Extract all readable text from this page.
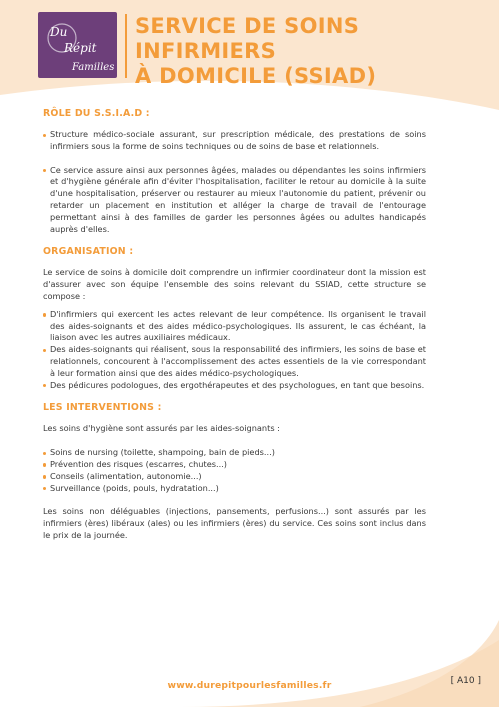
Du
Répit
Familles
SERVICE DE SOINS INFIRMIERS
À DOMICILE (SSIAD)
RÔLE DU S.S.I.A.D :
Structure médico-sociale assurant, sur prescription médicale, des prestations de soins infirmiers sous la forme de soins techniques ou de soins de base et relationnels.
Ce service assure ainsi aux personnes âgées, malades ou dépendantes les soins infirmiers et d'hygiène générale afin d'éviter l'hospitalisation, faciliter le retour au domicile à la suite d'une hospitalisation, préserver ou restaurer au mieux l'autonomie du patient, prévenir ou retarder un placement en institution et alléger la charge de travail de l'entourage permettant ainsi à des familles de garder les personnes âgées ou adultes handicapés auprès d'elles.
ORGANISATION :

Le service de soins à domicile doit comprendre un infirmier coordinateur dont la mission est d'assurer avec son équipe l'ensemble des soins relevant du SSIAD, cette structure se compose :

D'infirmiers qui exercent les actes relevant de leur compétence. Ils organisent le travail des aides-soignants et des aides médico-psychologiques. Ils assurent, le cas échéant, la liaison avec les autres auxiliaires médicaux.
Des aides-soignants qui réalisent, sous la responsabilité des infirmiers, les soins de base et relationnels, concourent à l'accomplissement des actes essentiels de la vie correspondant à leur formation ainsi que des aides médico-psychologiques.
Des pédicures podologues, des ergothérapeutes et des psychologues, en tant que besoins.
LES INTERVENTIONS :

Les soins d'hygiène sont assurés par les aides-soignants :

Soins de nursing (toilette, shampoing, bain de pieds...)
Prévention des risques (escarres, chutes...)
Conseils (alimentation, autonomie...)
Surveillance (poids, pouls, hydratation...)

Les soins non déléguables (injections, pansements, perfusions...) sont assurés par les infirmiers (ères) libéraux (ales) ou les infirmiers (ères) du service. Ces soins sont inclus dans le prix de la journée.

www.durepitpourlesfamilles.fr	[ A10 ]
